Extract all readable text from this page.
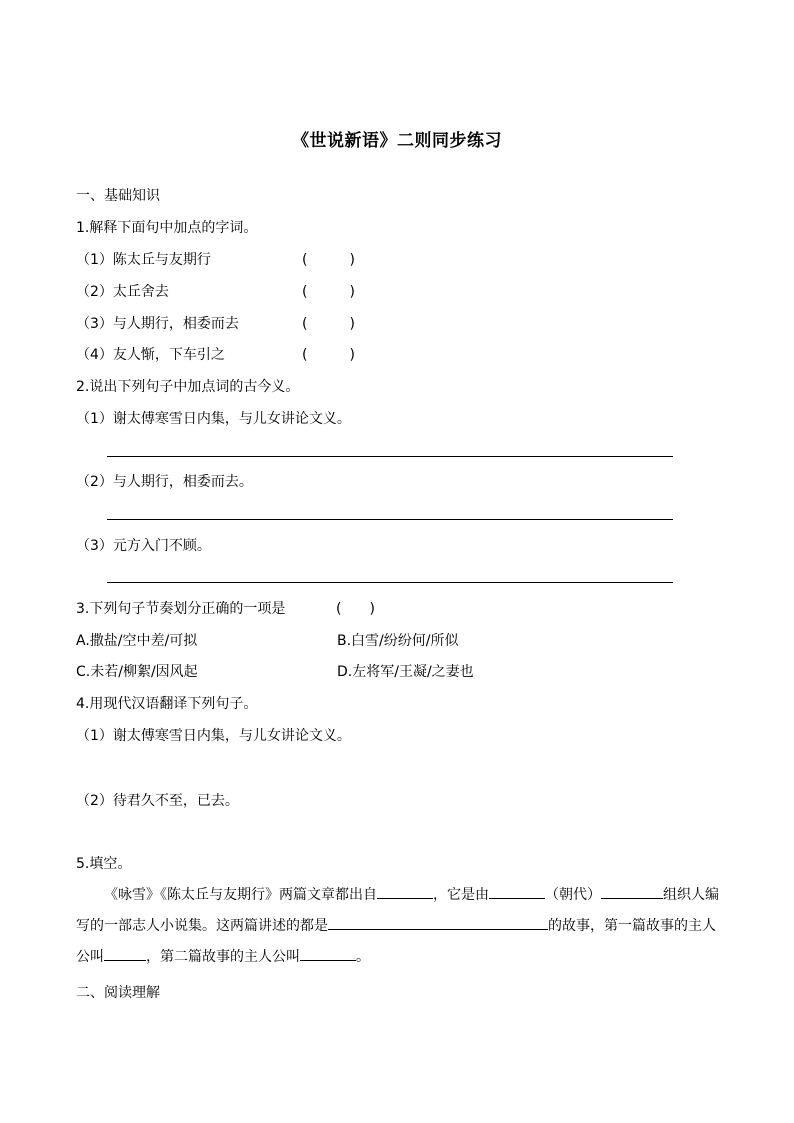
《世说新语》二则同步练习
一、基础知识
1.解释下面句中加点的字词。
（1）陈太丘与友期行	(　　　)
（2）太丘舍去	(　　　)
（3）与人期行，相委而去	(　　　)
（4）友人惭，下车引之	(　　　)
2.说出下列句子中加点词的古今义。
（1）谢太傅寒雪日内集，与儿女讲论文义。
（2）与人期行，相委而去。
（3）元方入门不顾。
3.下列句子节奏划分正确的一项是	(　　)
A.撒盐/空中差/可拟	B.白雪/纷纷何/所似
C.未若/柳絮/因风起	D.左将军/王凝/之妻也
4.用现代汉语翻译下列句子。
（1）谢太傅寒雪日内集，与儿女讲论文义。
（2）待君久不至，已去。
5.填空。
《咏雪》《陈太丘与友期行》两篇文章都出自	，它是由	（朝代）	组织人编写的一部志人小说集。这两篇讲述的都是	的故事，第一篇故事的主人公叫	，第二篇故事的主人公叫	。
二、阅读理解
